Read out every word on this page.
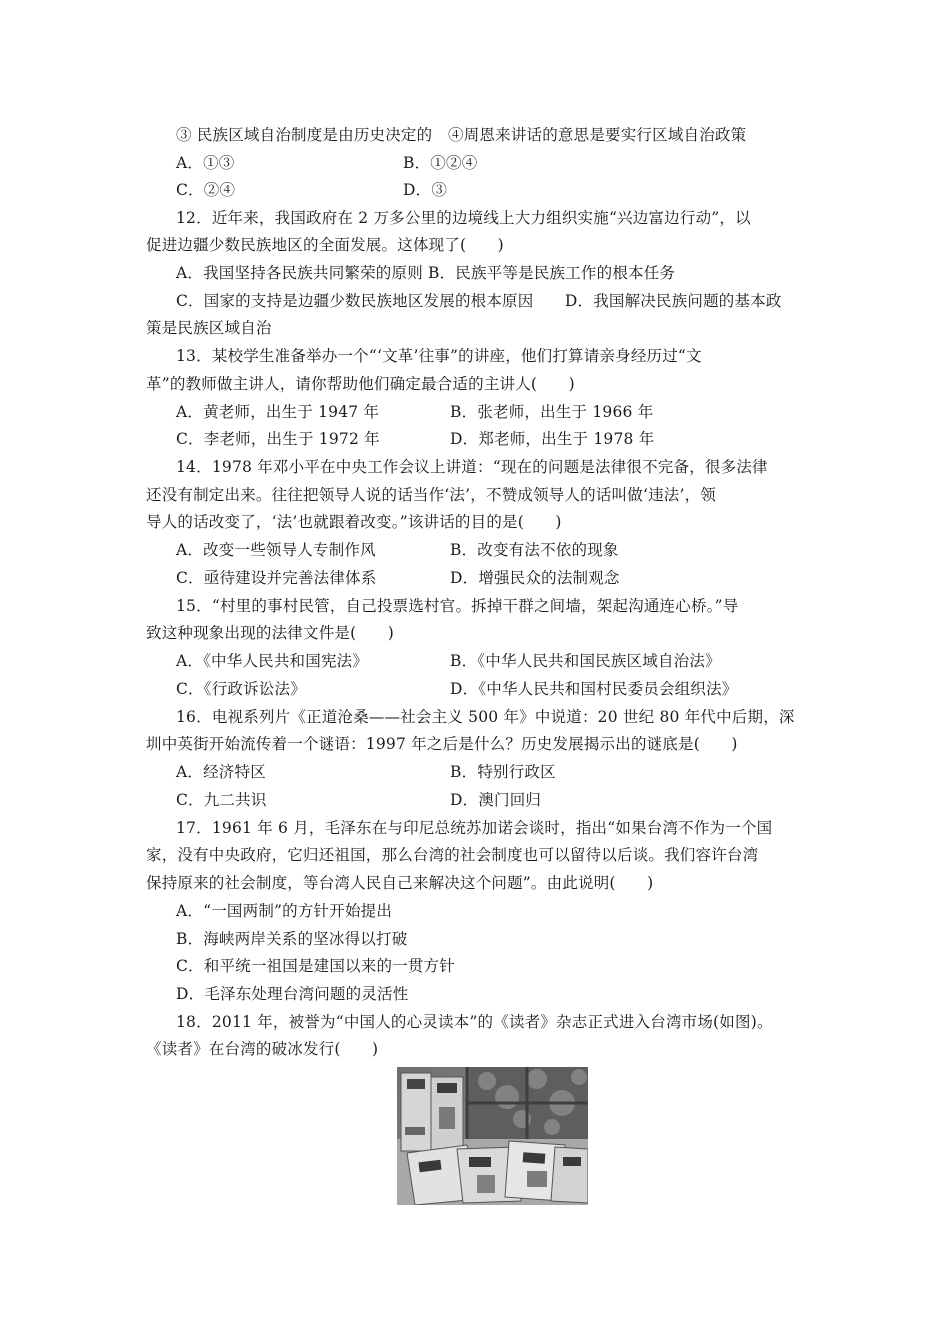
③ 民族区域自治制度是由历史决定的　④周恩来讲话的意思是要实行区域自治政策
A．①③	B．①②④
C．②④	D．③
12．近年来，我国政府在 2 万多公里的边境线上大力组织实施“兴边富边行动”，以
促进边疆少数民族地区的全面发展。这体现了(　　)
A．我国坚持各民族共同繁荣的原则 B．民族平等是民族工作的根本任务
C．国家的支持是边疆少数民族地区发展的根本原因　　D．我国解决民族问题的基本政
策是民族区域自治
13．某校学生准备举办一个“‘文革’往事”的讲座，他们打算请亲身经历过“文
革”的教师做主讲人，请你帮助他们确定最合适的主讲人(　　)
A．黄老师，出生于 1947 年	B．张老师，出生于 1966 年
C．李老师，出生于 1972 年	D．郑老师，出生于 1978 年
14．1978 年邓小平在中央工作会议上讲道：“现在的问题是法律很不完备，很多法律
还没有制定出来。往往把领导人说的话当作‘法’，不赞成领导人的话叫做‘违法’，领
导人的话改变了，‘法’也就跟着改变。”该讲话的目的是(　　)
A．改变一些领导人专制作风	B．改变有法不依的现象
C．亟待建设并完善法律体系	D．增强民众的法制观念
15．“村里的事村民管，自己投票选村官。拆掉干群之间墙，架起沟通连心桥。”导
致这种现象出现的法律文件是(　　)
A．《中华人民共和国宪法》	B．《中华人民共和国民族区域自治法》
C．《行政诉讼法》	D．《中华人民共和国村民委员会组织法》
16．电视系列片《正道沧桑——社会主义 500 年》中说道：20 世纪 80 年代中后期，深
圳中英街开始流传着一个谜语：1997 年之后是什么？历史发展揭示出的谜底是(　　)
A．经济特区	B．特别行政区
C．九二共识	D．澳门回归
17．1961 年 6 月，毛泽东在与印尼总统苏加诺会谈时，指出“如果台湾不作为一个国
家，没有中央政府，它归还祖国，那么台湾的社会制度也可以留待以后谈。我们容许台湾
保持原来的社会制度，等台湾人民自己来解决这个问题”。由此说明(　　)
A．“一国两制”的方针开始提出
B．海峡两岸关系的坚冰得以打破
C．和平统一祖国是建国以来的一贯方针
D．毛泽东处理台湾问题的灵活性
18．2011 年，被誉为“中国人的心灵读本”的《读者》杂志正式进入台湾市场(如图)。
《读者》在台湾的破冰发行(　　)
